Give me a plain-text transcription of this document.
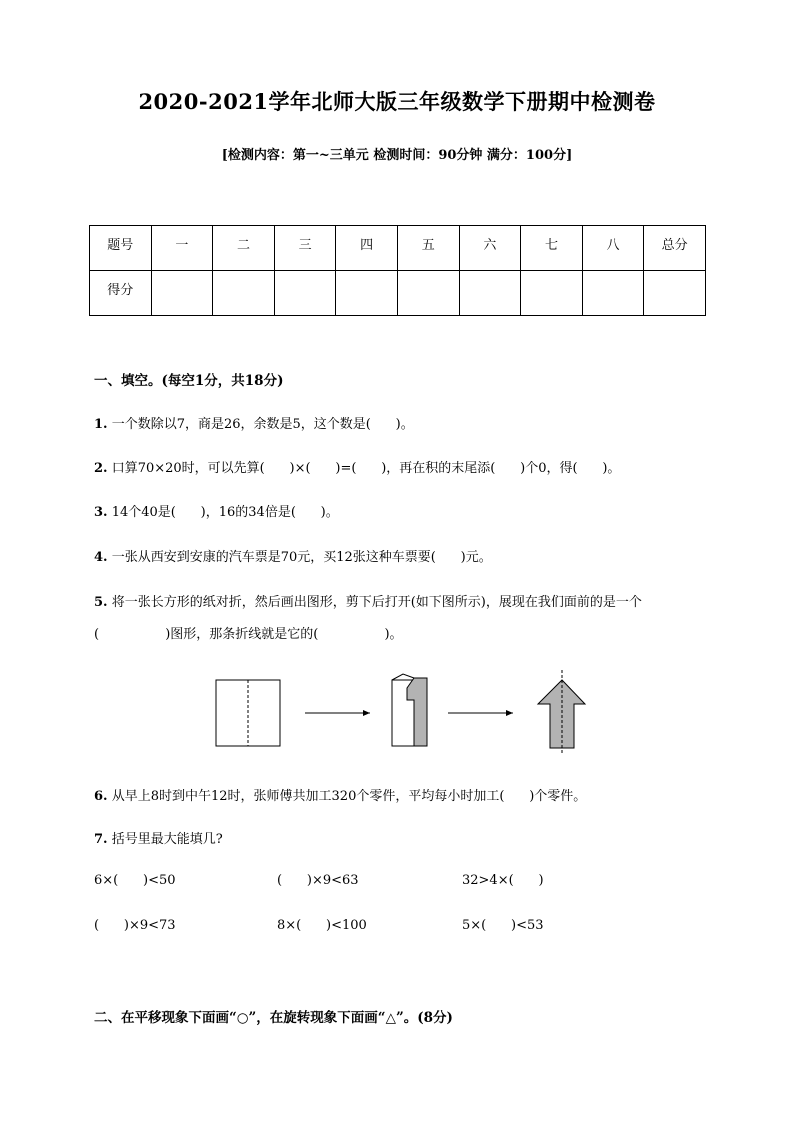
2020-2021学年北师大版三年级数学下册期中检测卷
[检测内容：第一~三单元 检测时间：90分钟 满分：100分]
题号	一	二	三	四	五	六	七	八	总分
得分									
一、填空。(每空1分，共18分)
1. 一个数除以7，商是26，余数是5，这个数是(      )。
2. 口算70×20时，可以先算(      )×(      )=(      )，再在积的末尾添(      )个0，得(      )。
3. 14个40是(      )，16的34倍是(      )。
4. 一张从西安到安康的汽车票是70元，买12张这种车票要(      )元。
5. 将一张长方形的纸对折，然后画出图形，剪下后打开(如下图所示)，展现在我们面前的是一个
(                )图形，那条折线就是它的(                )。
6. 从早上8时到中午12时，张师傅共加工320个零件，平均每小时加工(      )个零件。
7. 括号里最大能填几?
6×(      )<50	(      )×9<63	32>4×(      )
(      )×9<73	8×(      )<100	5×(      )<53
二、在平移现象下面画“○”，在旋转现象下面画“△”。(8分)
